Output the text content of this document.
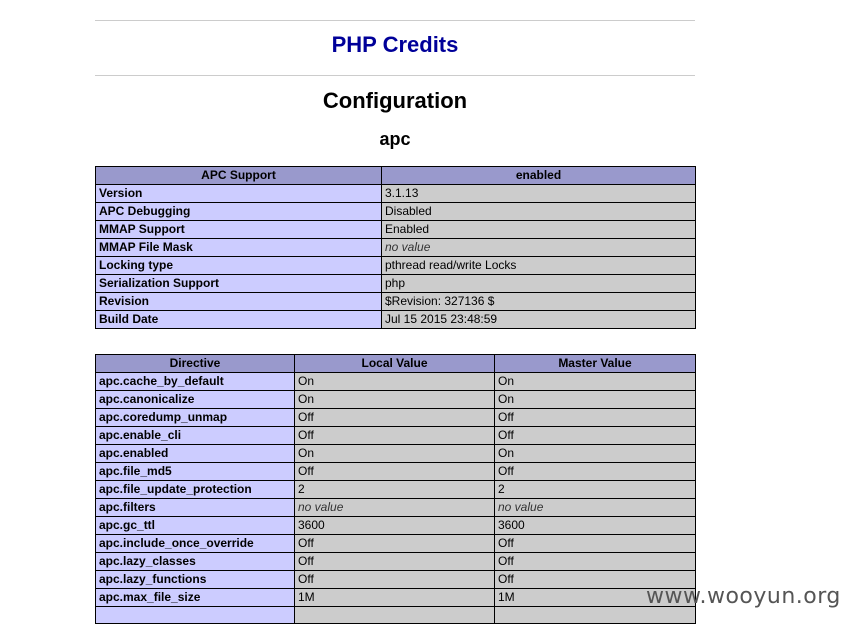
PHP Credits
Configuration
apc
APC Support	enabled
Version	3.1.13
APC Debugging	Disabled
MMAP Support	Enabled
MMAP File Mask	no value
Locking type	pthread read/write Locks
Serialization Support	php
Revision	$Revision: 327136 $
Build Date	Jul 15 2015 23:48:59
Directive	Local Value	Master Value
apc.cache_by_default	On	On
apc.canonicalize	On	On
apc.coredump_unmap	Off	Off
apc.enable_cli	Off	Off
apc.enabled	On	On
apc.file_md5	Off	Off
apc.file_update_protection	2	2
apc.filters	no value	no value
apc.gc_ttl	3600	3600
apc.include_once_override	Off	Off
apc.lazy_classes	Off	Off
apc.lazy_functions	Off	Off
apc.max_file_size	1M	1M
			www.wooyun.org
